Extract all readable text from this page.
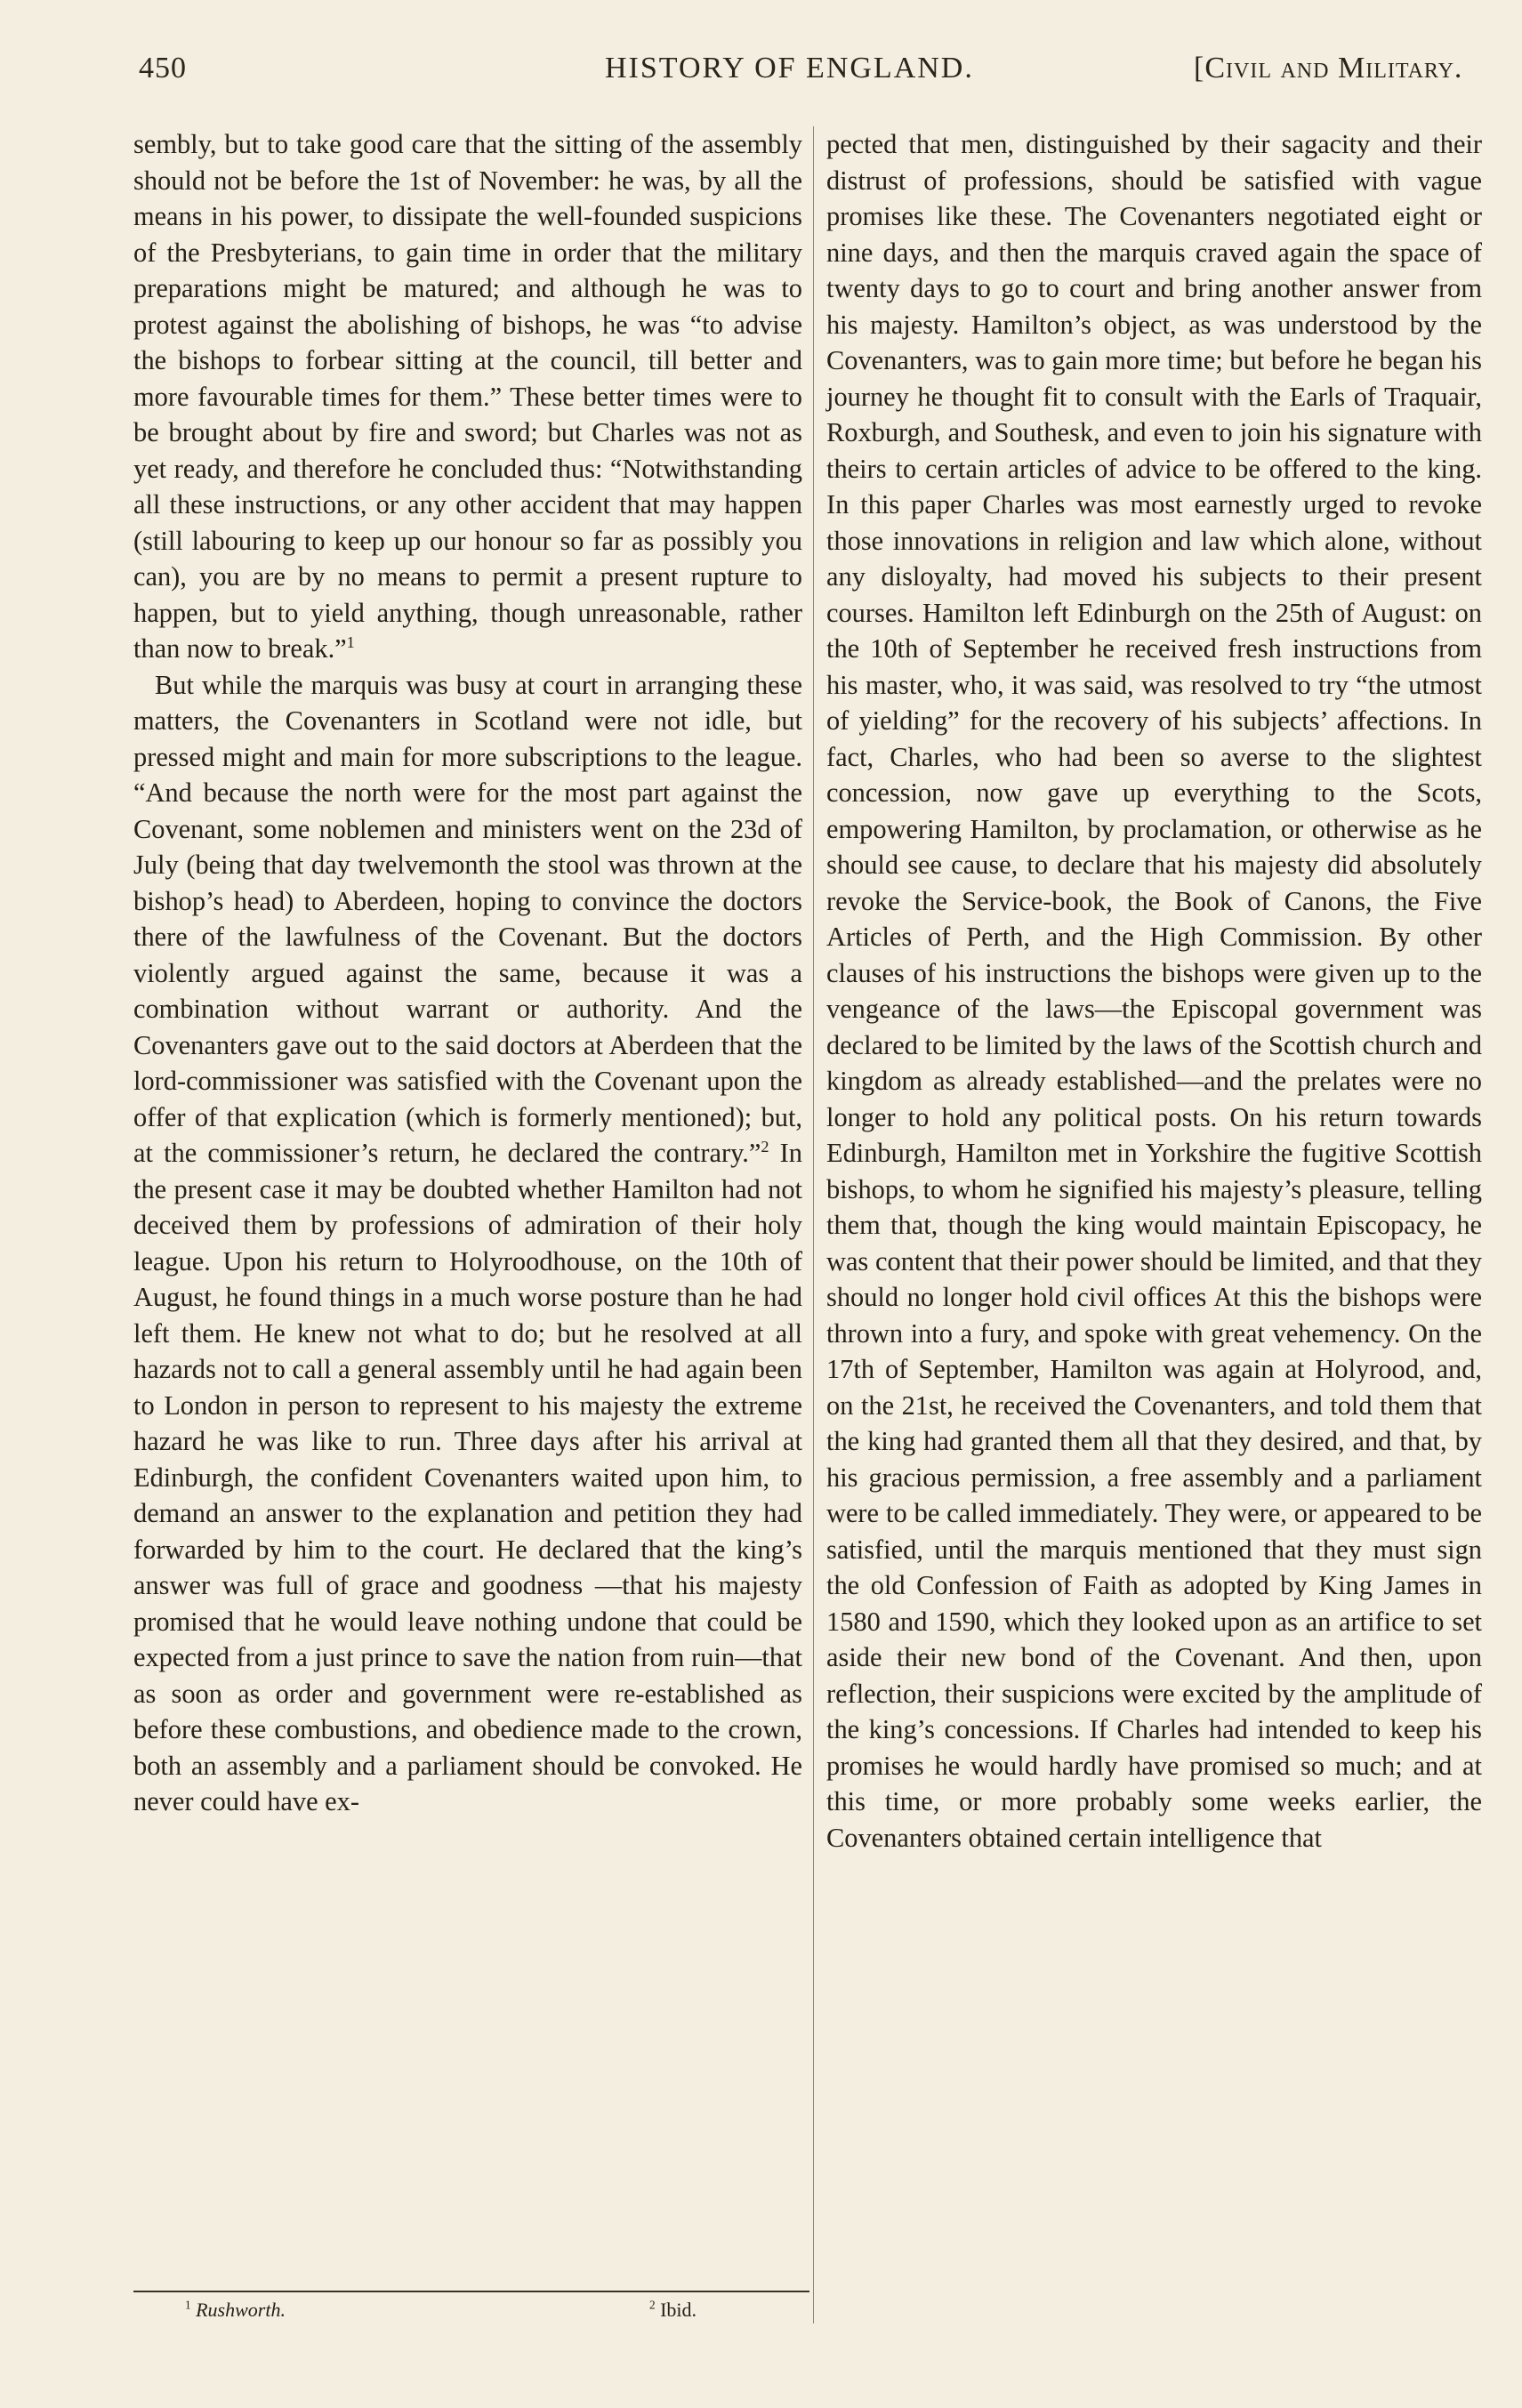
450	HISTORY OF ENGLAND.	[Civil and Military.

sembly, but to take good care that the sitting of the assembly should not be before the 1st of November: he was, by all the means in his power, to dissipate the well-founded suspicions of the Presbyterians, to gain time in order that the military preparations might be matured; and although he was to protest against the abolishing of bishops, he was “to advise the bishops to forbear sitting at the council, till better and more favourable times for them.” These better times were to be brought about by fire and sword; but Charles was not as yet ready, and therefore he concluded thus: “Notwithstanding all these instructions, or any other accident that may happen (still labouring to keep up our honour so far as possibly you can), you are by no means to permit a present rupture to happen, but to yield anything, though unreasonable, rather than now to break.”$^1$

But while the marquis was busy at court in arranging these matters, the Covenanters in Scotland were not idle, but pressed might and main for more subscriptions to the league. “And because the north were for the most part against the Covenant, some noblemen and ministers went on the 23d of July (being that day twelvemonth the stool was thrown at the bishop’s head) to Aberdeen, hoping to convince the doctors there of the lawfulness of the Covenant. But the doctors violently argued against the same, because it was a combination without warrant or authority. And the Covenanters gave out to the said doctors at Aberdeen that the lord-commissioner was satisfied with the Covenant upon the offer of that explication (which is formerly mentioned); but, at the commissioner’s return, he declared the contrary.”$^2$ In the present case it may be doubted whether Hamilton had not deceived them by professions of admiration of their holy league. Upon his return to Holyroodhouse, on the 10th of August, he found things in a much worse posture than he had left them. He knew not what to do; but he resolved at all hazards not to call a general assembly until he had again been to London in person to represent to his majesty the extreme hazard he was like to run. Three days after his arrival at Edinburgh, the confident Covenanters waited upon him, to demand an answer to the explanation and petition they had forwarded by him to the court. He declared that the king’s answer was full of grace and goodness —that his majesty promised that he would leave nothing undone that could be expected from a just prince to save the nation from ruin—that as soon as order and government were re-established as before these combustions, and obedience made to the crown, both an assembly and a parliament should be convoked. He never could have ex-

pected that men, distinguished by their sagacity and their distrust of professions, should be satisfied with vague promises like these. The Covenanters negotiated eight or nine days, and then the marquis craved again the space of twenty days to go to court and bring another answer from his majesty. Hamilton’s object, as was understood by the Covenanters, was to gain more time; but before he began his journey he thought fit to consult with the Earls of Traquair, Roxburgh, and Southesk, and even to join his signature with theirs to certain articles of advice to be offered to the king. In this paper Charles was most earnestly urged to revoke those innovations in religion and law which alone, without any disloyalty, had moved his subjects to their present courses. Hamilton left Edinburgh on the 25th of August: on the 10th of September he received fresh instructions from his master, who, it was said, was resolved to try “the utmost of yielding” for the recovery of his subjects’ affections. In fact, Charles, who had been so averse to the slightest concession, now gave up everything to the Scots, empowering Hamilton, by proclamation, or otherwise as he should see cause, to declare that his majesty did absolutely revoke the Service-book, the Book of Canons, the Five Articles of Perth, and the High Commission. By other clauses of his instructions the bishops were given up to the vengeance of the laws—the Episcopal government was declared to be limited by the laws of the Scottish church and kingdom as already established—and the prelates were no longer to hold any political posts. On his return towards Edinburgh, Hamilton met in Yorkshire the fugitive Scottish bishops, to whom he signified his majesty’s pleasure, telling them that, though the king would maintain Episcopacy, he was content that their power should be limited, and that they should no longer hold civil offices At this the bishops were thrown into a fury, and spoke with great vehemency. On the 17th of September, Hamilton was again at Holyrood, and, on the 21st, he received the Covenanters, and told them that the king had granted them all that they desired, and that, by his gracious permission, a free assembly and a parliament were to be called immediately. They were, or appeared to be satisfied, until the marquis mentioned that they must sign the old Confession of Faith as adopted by King James in 1580 and 1590, which they looked upon as an artifice to set aside their new bond of the Covenant. And then, upon reflection, their suspicions were excited by the amplitude of the king’s concessions. If Charles had intended to keep his promises he would hardly have promised so much; and at this time, or more probably some weeks earlier, the Covenanters obtained certain intelligence that

$^1$ Rushworth.	$^2$ Ibid.
